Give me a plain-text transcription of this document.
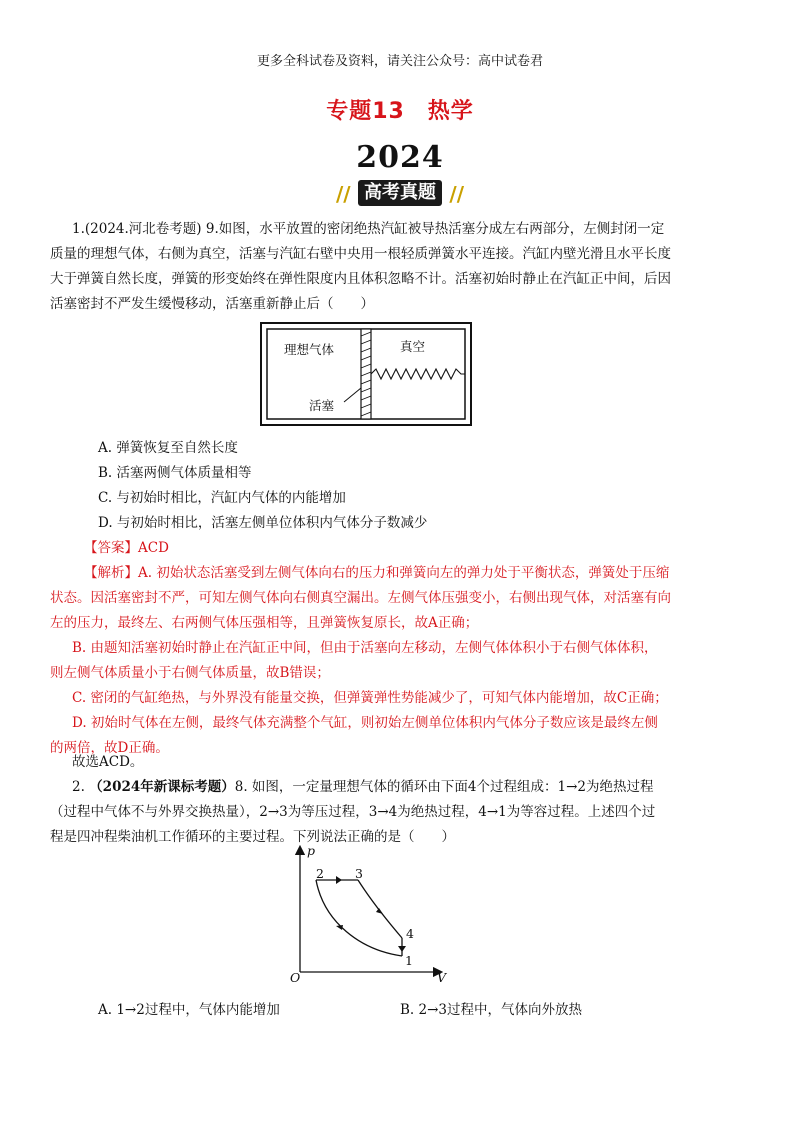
更多全科试卷及资料，请关注公众号：高中试卷君
专题13　热学
2024
// 高考真题 //
1.(2024.河北卷考题) 9.如图，水平放置的密闭绝热汽缸被导热活塞分成左右两部分，左侧封闭一定
质量的理想气体，右侧为真空，活塞与汽缸右壁中央用一根轻质弹簧水平连接。汽缸内壁光滑且水平长度
大于弹簧自然长度，弹簧的形变始终在弹性限度内且体积忽略不计。活塞初始时静止在汽缸正中间，后因
活塞密封不严发生缓慢移动，活塞重新静止后（　　）
理想气体	真空
活塞
A. 弹簧恢复至自然长度
B. 活塞两侧气体质量相等
C. 与初始时相比，汽缸内气体的内能增加
D. 与初始时相比，活塞左侧单位体积内气体分子数减少
【答案】ACD
【解析】A. 初始状态活塞受到左侧气体向右的压力和弹簧向左的弹力处于平衡状态，弹簧处于压缩
状态。因活塞密封不严，可知左侧气体向右侧真空漏出。左侧气体压强变小，右侧出现气体，对活塞有向
左的压力，最终左、右两侧气体压强相等，且弹簧恢复原长，故A正确；
B. 由题知活塞初始时静止在汽缸正中间，但由于活塞向左移动，左侧气体体积小于右侧气体体积，
则左侧气体质量小于右侧气体质量，故B错误；
C. 密闭的气缸绝热，与外界没有能量交换，但弹簧弹性势能减少了，可知气体内能增加，故C正确；
D. 初始时气体在左侧，最终气体充满整个气缸，则初始左侧单位体积内气体分子数应该是最终左侧
的两倍，故D正确。
故选ACD。
2. （2024年新课标考题）8. 如图，一定量理想气体的循环由下面4个过程组成：1→2为绝热过程
（过程中气体不与外界交换热量），2→3为等压过程，3→4为绝热过程，4→1为等容过程。上述四个过
程是四冲程柴油机工作循环的主要过程。下列说法正确的是（　　）
p
V
O
2 3
4
1
A. 1→2过程中，气体内能增加	B. 2→3过程中，气体向外放热
